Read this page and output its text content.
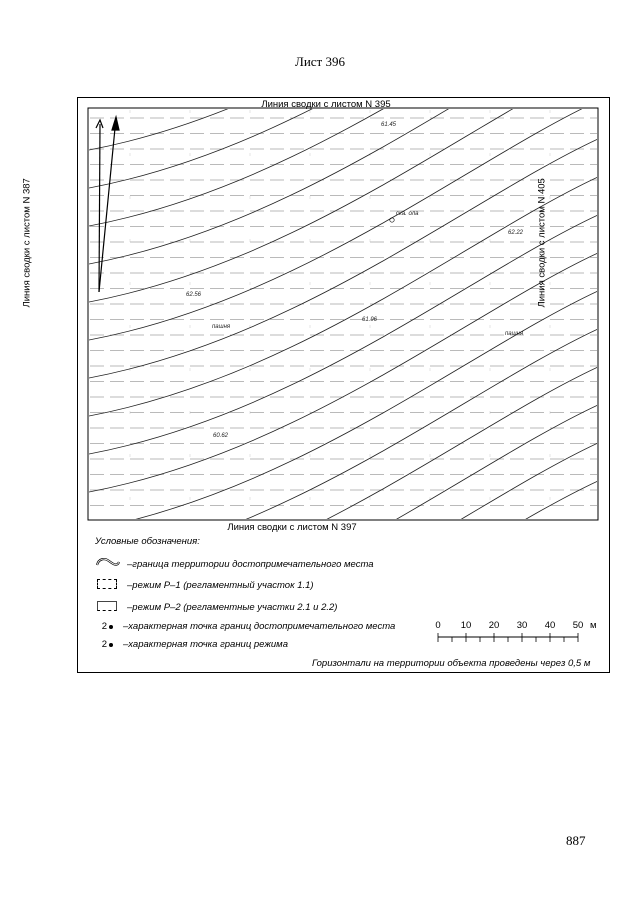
Лист 396
Линия сводки с листом N 395
Линия сводки с листом N 397
Линия сводки с листом N 387	Линия сводки с листом N 405
61.45
62.22
62.56
61.96
60.62
пашня
пашня
ска. ола
Условные обозначения:
–граница территории достопримечательного места
–режим Р–1 (регламентный участок 1.1)
–режим Р–2 (регламентные участки 2.1 и 2.2)
2 –характерная точка границ достопримечательного места
2 –характерная точка границ режима
0 10 20 30 40 50 м
Горизонтали на территории объекта проведены через 0,5 м
887
